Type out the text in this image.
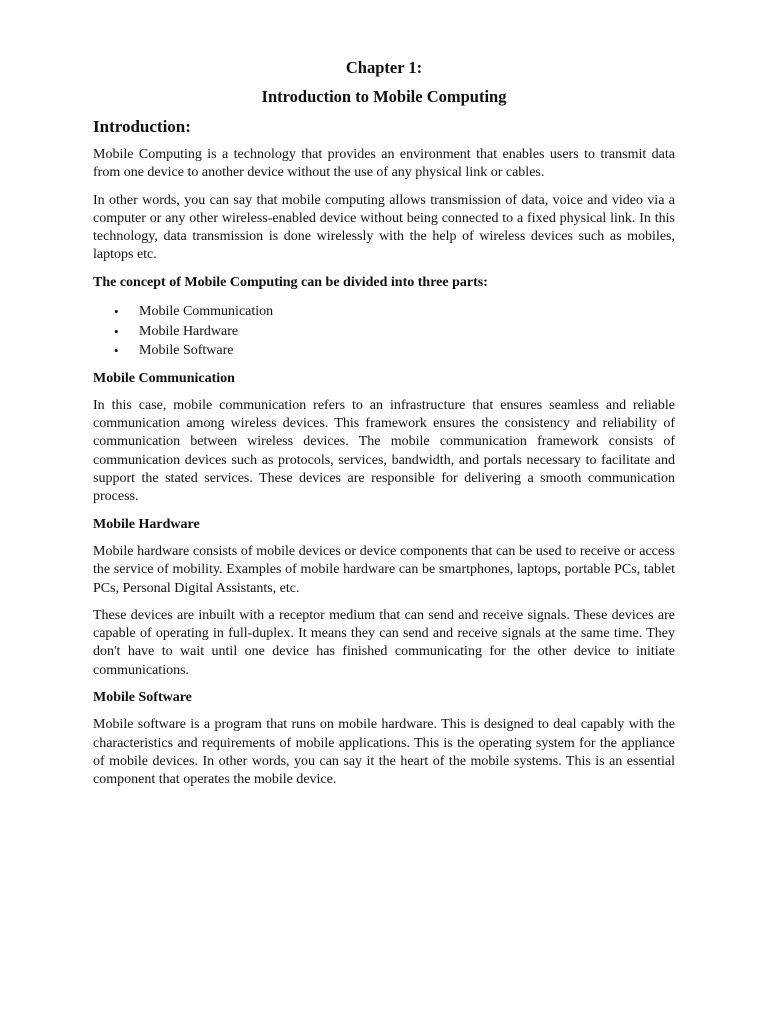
Chapter 1:
Introduction to Mobile Computing
Introduction:

Mobile Computing is a technology that provides an environment that enables users to transmit data from one device to another device without the use of any physical link or cables.

In other words, you can say that mobile computing allows transmission of data, voice and video via a computer or any other wireless-enabled device without being connected to a fixed physical link. In this technology, data transmission is done wirelessly with the help of wireless devices such as mobiles, laptops etc.

The concept of Mobile Computing can be divided into three parts:

• Mobile Communication
• Mobile Hardware
• Mobile Software
Mobile Communication

In this case, mobile communication refers to an infrastructure that ensures seamless and reliable communication among wireless devices. This framework ensures the consistency and reliability of communication between wireless devices. The mobile communication framework consists of communication devices such as protocols, services, bandwidth, and portals necessary to facilitate and support the stated services. These devices are responsible for delivering a smooth communication process.

Mobile Hardware

Mobile hardware consists of mobile devices or device components that can be used to receive or access the service of mobility. Examples of mobile hardware can be smartphones, laptops, portable PCs, tablet PCs, Personal Digital Assistants, etc.

These devices are inbuilt with a receptor medium that can send and receive signals. These devices are capable of operating in full-duplex. It means they can send and receive signals at the same time. They don't have to wait until one device has finished communicating for the other device to initiate communications.

Mobile Software

Mobile software is a program that runs on mobile hardware. This is designed to deal capably with the characteristics and requirements of mobile applications. This is the operating system for the appliance of mobile devices. In other words, you can say it the heart of the mobile systems. This is an essential component that operates the mobile device.
